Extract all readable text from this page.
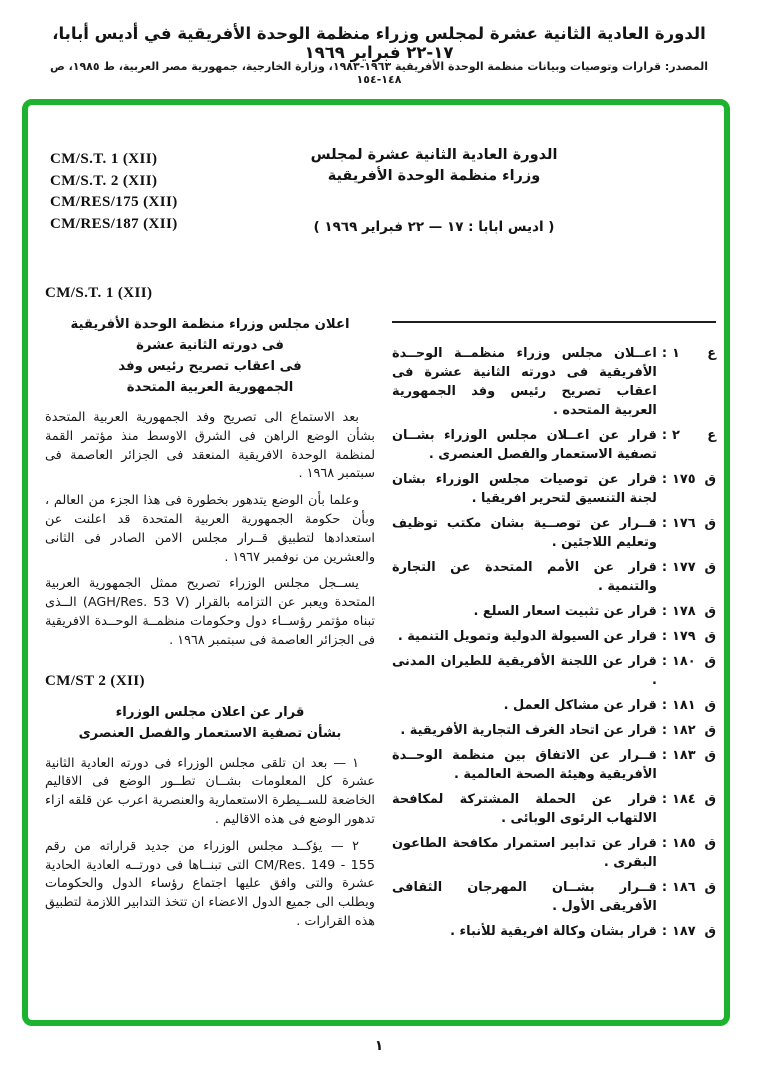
الدورة العادية الثانية عشرة لمجلس وزراء منظمة الوحدة الأفريقية في أديس أبابا، ١٧-٢٢ فبراير ١٩٦٩
المصدر: قرارات وتوصيات وبيانات منظمة الوحدة الأفريقية ١٩٦٣-١٩٨٣، وزارة الخارجية، جمهورية مصر العربية، ط ١٩٨٥، ص ١٤٨-١٥٤
CM/S.T. 1 (XII)
CM/S.T. 2 (XII)
CM/RES/175 (XII)
CM/RES/187 (XII)
الدورة العادية الثانية عشرة لمجلس
وزراء منظمة الوحدة الأفريقية
( اديس ابابا : ١٧ — ٢٢ فبراير ١٩٦٩ )
CM/S.T. 1 (XII)
اعلان مجلس وزراء منظمة الوحدة الأفريقية
فى دورته الثانية عشرة
فى اعقاب تصريح رئيس وفد
الجمهورية العربية المتحدة

بعد الاستماع الى تصريح وفد الجمهورية العربية المتحدة بشأن الوضع الراهن فى الشرق الاوسط منذ مؤتمر القمة لمنظمة الوحدة الافريقية المنعقد فى الجزائر العاصمة فى سبتمبر ١٩٦٨ .

وعلما بأن الوضع يتدهور بخطورة فى هذا الجزء من العالم ، وبأن حكومة الجمهورية العربية المتحدة قد اعلنت عن استعدادها لتطبيق قــرار مجلس الامن الصادر فى الثانى والعشرين من نوفمبر ١٩٦٧ .

يســجل مجلس الوزراء تصريح ممثل الجمهورية العربية المتحدة ويعبر عن التزامه بالقرار (AGH/Res. 53 V) الــذى تبناه مؤتمر رؤســاء دول وحكومات منظمــة الوحــدة الافريقية فى الجزائر العاصمة فى سبتمبر ١٩٦٨ .

CM/ST 2 (XII)
قرار عن اعلان مجلس الوزراء
بشأن تصفية الاستعمار والفصل العنصرى

١ — بعد ان تلقى مجلس الوزراء فى دورته العادية الثانية عشرة كل المعلومات بشــان تطــور الوضع فى الاقاليم الخاضعة للســيطرة الاستعمارية والعنصرية اعرب عن قلقه ازاء تدهور الوضع فى هذه الاقاليم .

٢ — يؤكــد مجلس الوزراء من جديد قراراته من رقم CM/Res. 149 - 155 التى تبنــاها فى دورتــه العادية الحادية عشرة والتى وافق عليها اجتماع رؤساء الدول والحكومات ويطلب الى جميع الدول الاعضاء ان تتخذ التدابير اللازمة لتطبيق هذه القرارات .

ع
١
:
اعــلان مجلس وزراء منظمــة الوحــدة الأفريقية فى دورته الثانية عشرة فى اعقاب تصريح رئيس وفد الجمهورية العربية المتحده .
ع
٢
:
قرار عن اعــلان مجلس الوزراء بشــان تصفية الاستعمار والفصل العنصرى .
ق
١٧٥
:
قرار عن توصيات مجلس الوزراء بشان لجنة التنسيق لتحرير افريقيا .
ق
١٧٦
:
قــرار عن توصــية بشان مكتب توظيف وتعليم اللاجئين .
ق
١٧٧
:
قرار عن الأمم المتحدة عن التجارة والتنمية .
ق
١٧٨
:
قرار عن تثبيت اسعار السلع .
ق
١٧٩
:
قرار عن السيولة الدولية وتمويل التنمية .
ق
١٨٠
:
قرار عن اللجنة الأفريقية للطيران المدنى .
ق
١٨١
:
قرار عن مشاكل العمل .
ق
١٨٢
:
قرار عن اتحاد الغرف التجارية الأفريقية .
ق
١٨٣
:
قــرار عن الاتفاق بين منظمة الوحــدة الأفريقية وهيئة الصحة العالمية .
ق
١٨٤
:
قرار عن الحملة المشتركة لمكافحة الالتهاب الرئوى الوبائى .
ق
١٨٥
:
قرار عن تدابير استمرار مكافحة الطاعون البقرى .
ق
١٨٦
:
قــرار بشــان المهرجان الثقافى الأفريقى الأول .
ق
١٨٧
:
قرار بشان وكالة افريقية للأنباء .
١
